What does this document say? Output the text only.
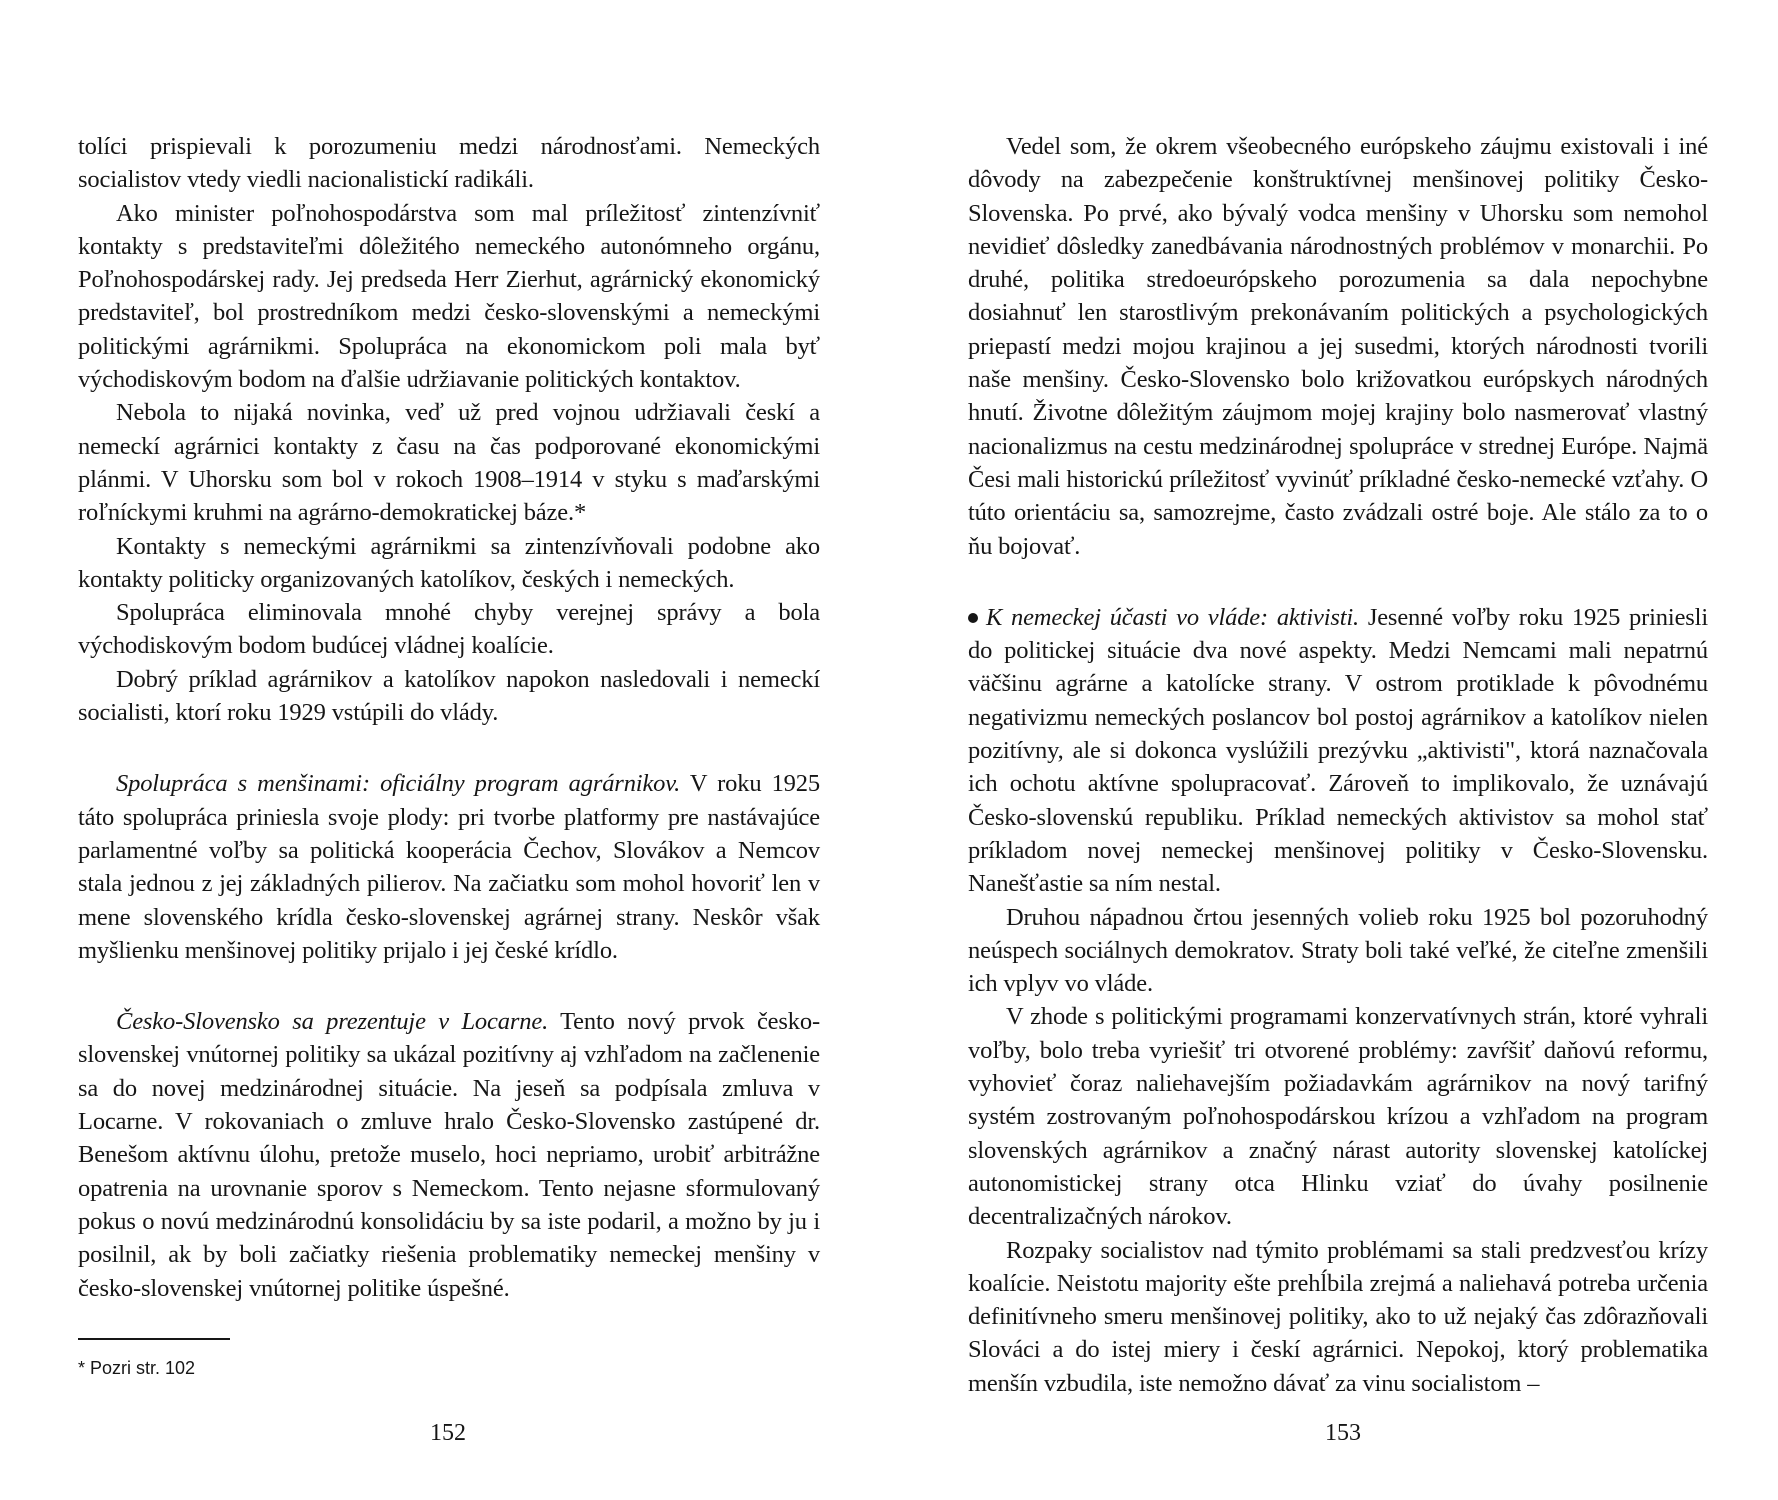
tolíci prispievali k porozumeniu medzi národnosťami. Nemeckých socialistov vtedy viedli nacionalistickí radikáli.

Ako minister poľnohospodárstva som mal príležitosť zintenzívniť kontakty s predstaviteľmi dôležitého nemeckého autonómneho orgánu, Poľnohospodárskej rady. Jej predseda Herr Zierhut, agrárnický ekonomický predstaviteľ, bol prostredníkom medzi česko-slovenskými a nemeckými politickými agrárnikmi. Spolupráca na ekonomickom poli mala byť východiskovým bodom na ďalšie udržiavanie politických kontaktov.

Nebola to nijaká novinka, veď už pred vojnou udržiavali českí a nemeckí agrárnici kontakty z času na čas podporované ekonomickými plánmi. V Uhorsku som bol v rokoch 1908–1914 v styku s maďarskými roľníckymi kruhmi na agrárno-demokratickej báze.*

Kontakty s nemeckými agrárnikmi sa zintenzívňovali podobne ako kontakty politicky organizovaných katolíkov, českých i nemeckých.

Spolupráca eliminovala mnohé chyby verejnej správy a bola východiskovým bodom budúcej vládnej koalície.

Dobrý príklad agrárnikov a katolíkov napokon nasledovali i nemeckí socialisti, ktorí roku 1929 vstúpili do vlády.

Spolupráca s menšinami: oficiálny program agrárnikov. V roku 1925 táto spolupráca priniesla svoje plody: pri tvorbe platformy pre nastávajúce parlamentné voľby sa politická kooperácia Čechov, Slovákov a Nemcov stala jednou z jej základných pilierov. Na začiatku som mohol hovoriť len v mene slovenského krídla česko-slovenskej agrárnej strany. Neskôr však myšlienku menšinovej politiky prijalo i jej české krídlo.

Česko-Slovensko sa prezentuje v Locarne. Tento nový prvok česko-slovenskej vnútornej politiky sa ukázal pozitívny aj vzhľadom na začlenenie sa do novej medzinárodnej situácie. Na jeseň sa podpísala zmluva v Locarne. V rokovaniach o zmluve hralo Česko-Slovensko zastúpené dr. Benešom aktívnu úlohu, pretože muselo, hoci nepriamo, urobiť arbitrážne opatrenia na urovnanie sporov s Nemeckom. Tento nejasne sformulovaný pokus o novú medzinárodnú konsolidáciu by sa iste podaril, a možno by ju i posilnil, ak by boli začiatky riešenia problematiky nemeckej menšiny v česko-slovenskej vnútornej politike úspešné.

* Pozri str. 102
152

Vedel som, že okrem všeobecného európskeho záujmu existovali i iné dôvody na zabezpečenie konštruktívnej menšinovej politiky Česko-Slovenska. Po prvé, ako bývalý vodca menšiny v Uhorsku som nemohol nevidieť dôsledky zanedbávania národnostných problémov v monarchii. Po druhé, politika stredoeurópskeho porozumenia sa dala nepochybne dosiahnuť len starostlivým prekonávaním politických a psychologických priepastí medzi mojou krajinou a jej susedmi, ktorých národnosti tvorili naše menšiny. Česko-Slovensko bolo križovatkou európskych národných hnutí. Životne dôležitým záujmom mojej krajiny bolo nasmerovať vlastný nacionalizmus na cestu medzinárodnej spolupráce v strednej Európe. Najmä Česi mali historickú príležitosť vyvinúť príkladné česko-nemecké vzťahy. O túto orientáciu sa, samozrejme, často zvádzali ostré boje. Ale stálo za to o ňu bojovať.

K nemeckej účasti vo vláde: aktivisti. Jesenné voľby roku 1925 priniesli do politickej situácie dva nové aspekty. Medzi Nemcami mali nepatrnú väčšinu agrárne a katolícke strany. V ostrom protiklade k pôvodnému negativizmu nemeckých poslancov bol postoj agrárnikov a katolíkov nielen pozitívny, ale si dokonca vyslúžili prezývku „aktivisti", ktorá naznačovala ich ochotu aktívne spolupracovať. Zároveň to implikovalo, že uznávajú Česko-slovenskú republiku. Príklad nemeckých aktivistov sa mohol stať príkladom novej nemeckej menšinovej politiky v Česko-Slovensku. Nanešťastie sa ním nestal.

Druhou nápadnou črtou jesenných volieb roku 1925 bol pozoruhodný neúspech sociálnych demokratov. Straty boli také veľké, že citeľne zmenšili ich vplyv vo vláde.

V zhode s politickými programami konzervatívnych strán, ktoré vyhrali voľby, bolo treba vyriešiť tri otvorené problémy: zavŕšiť daňovú reformu, vyhovieť čoraz naliehavejším požiadavkám agrárnikov na nový tarifný systém zostrovaným poľnohospodárskou krízou a vzhľadom na program slovenských agrárnikov a značný nárast autority slovenskej katolíckej autonomistickej strany otca Hlinku vziať do úvahy posilnenie decentralizačných nárokov.

Rozpaky socialistov nad týmito problémami sa stali predzvesťou krízy koalície. Neistotu majority ešte prehĺbila zrejmá a naliehavá potreba určenia definitívneho smeru menšinovej politiky, ako to už nejaký čas zdôrazňovali Slováci a do istej miery i českí agrárnici. Nepokoj, ktorý problematika menšín vzbudila, iste nemožno dávať za vinu socialistom –

153
